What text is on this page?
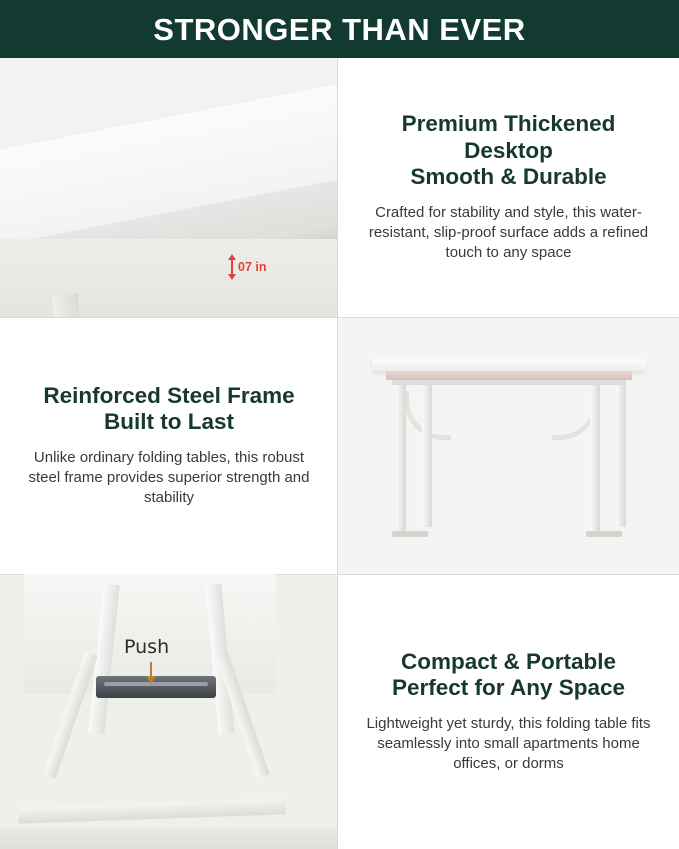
STRONGER THAN EVER
07 in
Premium Thickened Desktop
Smooth & Durable

Crafted for stability and style, this water-resistant, slip-proof surface adds a refined touch to any space

Reinforced Steel Frame
Built to Last

Unlike ordinary folding tables, this robust steel frame provides superior strength and stability

Push
Compact & Portable
Perfect for Any Space

Lightweight yet sturdy, this folding table fits seamlessly into small apartments home offices, or dorms
